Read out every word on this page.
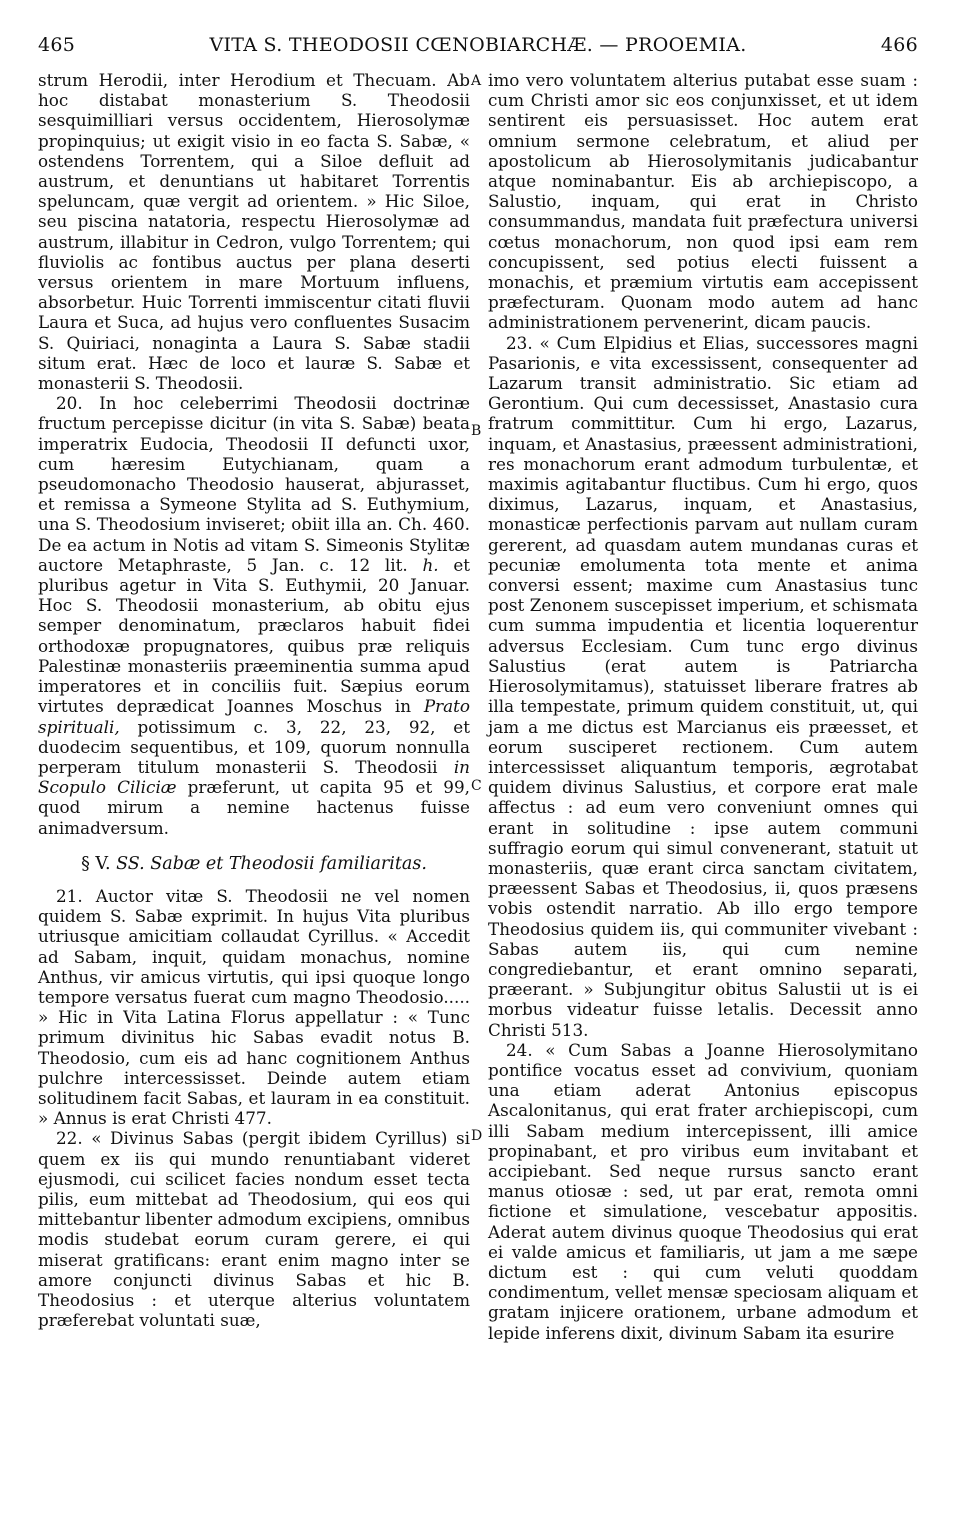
465	VITA S. THEODOSII CŒNOBIARCHÆ. — PROOEMIA.	466

strum Herodii, inter Herodium et Thecuam. Ab hoc distabat monasterium S. Theodosii sesquimilliari versus occidentem, Hierosolymæ propinquius; ut exigit visio in eo facta S. Sabæ, « ostendens Torrentem, qui a Siloe defluit ad austrum, et denuntians ut habitaret Torrentis speluncam, quæ vergit ad orientem. » Hic Siloe, seu piscina natatoria, respectu Hierosolymæ ad austrum, illabitur in Cedron, vulgo Torrentem; qui fluviolis ac fontibus auctus per plana deserti versus orientem in mare Mortuum influens, absorbetur. Huic Torrenti immiscentur citati fluvii Laura et Suca, ad hujus vero confluentes Susacim S. Quiriaci, nonaginta a Laura S. Sabæ stadii situm erat. Hæc de loco et lauræ S. Sabæ et monasterii S. Theodosii.

20. In hoc celeberrimi Theodosii doctrinæ fructum percepisse dicitur (in vita S. Sabæ) beata imperatrix Eudocia, Theodosii II defuncti uxor, cum hæresim Eutychianam, quam a pseudomonacho Theodosio hauserat, abjurasset, et remissa a Symeone Stylita ad S. Euthymium, una S. Theodosium inviseret; obiit illa an. Ch. 460. De ea actum in Notis ad vitam S. Simeonis Stylitæ auctore Metaphraste, 5 Jan. c. 12 lit. h. et pluribus agetur in Vita S. Euthymii, 20 Januar. Hoc S. Theodosii monasterium, ab obitu ejus semper denominatum, præclaros habuit fidei orthodoxæ propugnatores, quibus præ reliquis Palestinæ monasteriis præeminentia summa apud imperatores et in conciliis fuit. Sæpius eorum virtutes deprædicat Joannes Moschus in Prato spirituali, potissimum c. 3, 22, 23, 92, et duodecim sequentibus, et 109, quorum nonnulla perperam titulum monasterii S. Theodosii in Scopulo Ciliciæ præferunt, ut capita 95 et 99, quod mirum a nemine hactenus fuisse animadversum.

§ V. SS. Sabæ et Theodosii familiaritas.

21. Auctor vitæ S. Theodosii ne vel nomen quidem S. Sabæ exprimit. In hujus Vita pluribus utriusque amicitiam collaudat Cyrillus. « Accedit ad Sabam, inquit, quidam monachus, nomine Anthus, vir amicus virtutis, qui ipsi quoque longo tempore versatus fuerat cum magno Theodosio..... » Hic in Vita Latina Florus appellatur : « Tunc primum divinitus hic Sabas evadit notus B. Theodosio, cum eis ad hanc cognitionem Anthus pulchre intercessisset. Deinde autem etiam solitudinem facit Sabas, et lauram in ea constituit. » Annus is erat Christi 477.

22. « Divinus Sabas (pergit ibidem Cyrillus) si quem ex iis qui mundo renuntiabant videret ejusmodi, cui scilicet facies nondum esset tecta pilis, eum mittebat ad Theodosium, qui eos qui mittebantur libenter admodum excipiens, omnibus modis studebat eorum curam gerere, ei qui miserat gratificans: erant enim magno inter se amore conjuncti divinus Sabas et hic B. Theodosius : et uterque alterius voluntatem præferebat voluntati suæ,

imo vero voluntatem alterius putabat esse suam : cum Christi amor sic eos conjunxisset, et ut idem sentirent eis persuasisset. Hoc autem erat omnium sermone celebratum, et aliud per apostolicum ab Hierosolymitanis judicabantur atque nominabantur. Eis ab archiepiscopo, a Salustio, inquam, qui erat in Christo consummandus, mandata fuit præfectura universi cœtus monachorum, non quod ipsi eam rem concupissent, sed potius electi fuissent a monachis, et præmium virtutis eam accepissent præfecturam. Quonam modo autem ad hanc administrationem pervenerint, dicam paucis.

23. « Cum Elpidius et Elias, successores magni Pasarionis, e vita excessissent, consequenter ad Lazarum transit administratio. Sic etiam ad Gerontium. Qui cum decessisset, Anastasio cura fratrum committitur. Cum hi ergo, Lazarus, inquam, et Anastasius, præessent administrationi, res monachorum erant admodum turbulentæ, et maximis agitabantur fluctibus. Cum hi ergo, quos diximus, Lazarus, inquam, et Anastasius, monasticæ perfectionis parvam aut nullam curam gererent, ad quasdam autem mundanas curas et pecuniæ emolumenta tota mente et anima conversi essent; maxime cum Anastasius tunc post Zenonem suscepisset imperium, et schismata cum summa impudentia et licentia loquerentur adversus Ecclesiam. Cum tunc ergo divinus Salustius (erat autem is Patriarcha Hierosolymitamus), statuisset liberare fratres ab illa tempestate, primum quidem constituit, ut, qui jam a me dictus est Marcianus eis præesset, et eorum susciperet rectionem. Cum autem intercessisset aliquantum temporis, ægrotabat quidem divinus Salustius, et corpore erat male affectus : ad eum vero conveniunt omnes qui erant in solitudine : ipse autem communi suffragio eorum qui simul convenerant, statuit ut monasteriis, quæ erant circa sanctam civitatem, præessent Sabas et Theodosius, ii, quos præsens vobis ostendit narratio. Ab illo ergo tempore Theodosius quidem iis, qui communiter vivebant : Sabas autem iis, qui cum nemine congrediebantur, et erant omnino separati, præerant. » Subjungitur obitus Salustii ut is ei morbus videatur fuisse letalis. Decessit anno Christi 513.

24. « Cum Sabas a Joanne Hierosolymitano pontifice vocatus esset ad convivium, quoniam una etiam aderat Antonius episcopus Ascalonitanus, qui erat frater archiepiscopi, cum illi Sabam medium intercepissent, illi amice propinabant, et pro viribus eum invitabant et accipiebant. Sed neque rursus sancto erant manus otiosæ : sed, ut par erat, remota omni fictione et simulatione, vescebatur appositis. Aderat autem divinus quoque Theodosius qui erat ei valde amicus et familiaris, ut jam a me sæpe dictum est : qui cum veluti quoddam condimentum, vellet mensæ speciosam aliquam et gratam injicere orationem, urbane admodum et lepide inferens dixit, divinum Sabam ita esurire

A
B
C
D
